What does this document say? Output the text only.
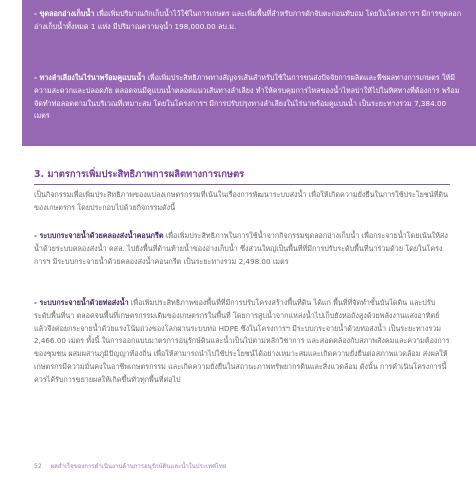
- ขุดลอกอ่างเก็บน้ำ เพื่อเพิ่มปริมาณกักเก็บน้ำไว้ใช้ในการเกษตร และเพิ่มพื้นที่สำหรับการดักจับตะกอนทับถม โดยในโครงการฯ มีการขุดลอกอ่างเก็บน้ำทั้งหมด 1 แห่ง มีปริมาณความจุน้ำ 198,000.00 ลบ.ม.
- ทางลำเลียงในไร่นาพร้อมคูแบนน้ำ เพื่อเพิ่มประสิทธิภาพทางสัญจรเส้นสำหรับใช้ในการขนส่งปัจจัยการผลิตและพืชผลทางการเกษตร ให้มีความสะดวกและปลอดภัย ตลอดจนมีคูแบนน้ำตลอดแนวเส้นทางลำเลียง ทำให้ครบคุมการไหลของน้ำไหลบ่าให้ไปในทิศทางที่ต้องการ พร้อมจัดทำท่อลอดตามในบริเวณที่เหมาะสม โดยในโครงการฯ มีการปรับปรุงทางลำเลียงในไร่นาพร้อมคูแบนน้ำ เป็นระยะทางรวม 7,384.00 เมตร
3. มาตรการเพิ่มประสิทธิภาพการผลิตทางการเกษตร
เป็นกิจกรรมเพื่อเพิ่มประสิทธิภาพของแปลงเกษตรกรรมที่เน้นในเรื่องการพัฒนาระบบส่งน้ำ เพื่อให้เกิดความยั่งยืนในการใช้ประโยชน์ที่ดินของเกษตรกร โดยประกอบไปด้วยกิจกรรมดังนี้
- ระบบกระจายน้ำด้วยคลองส่งน้ำคอนกรีต เพื่อเพิ่มประสิทธิภาพในการใช้น้ำจากกิจกรรมขุดลอกอ่างเก็บน้ำ เพื่อกระจายน้ำโดยเน้นให้ส่งน้ำด้วยระบบคลองส่งน้ำ คสล. ไปยังพื้นที่ด้านท้ายน้ำของอ่างเก็บน้ำ ซึ่งส่วนใหญ่เป็นพื้นที่ที่มีการปรับระดับพื้นที่นาร่วมด้วย โดยในโครงการฯ มีระบบกระจายน้ำด้วยคลองส่งน้ำคอนกรีต เป็นระยะทางรวม 2,498.00 เมตร
- ระบบกระจายน้ำด้วยท่อส่งน้ำ เพื่อเพิ่มประสิทธิภาพของพื้นที่ที่มีการปรับโครงสร้างพื้นที่ดิน ได้แก่ พื้นที่ที่จัดทำขั้นบันไดดิน และปรับระดับพื้นที่นา ตลอดจนพื้นที่เกษตรกรรมเดิมของเกษตรกรในพื้นที่ โดยการสูบน้ำจากแหล่งน้ำไปเก็บยังหอถังสูงด้วยพลังงานแสงอาทิตย์ แล้วจึงค่อยกระจายน้ำด้วยแรงโน้มถ่วงของโลกผ่านระบบท่อ HDPE ซึ่งในโครงการฯ มีระบบกระจายน้ำด้วยท่อส่งน้ำ เป็นระยะทางรวม 2,466.00 เมตร ทั้งนี้ ในการออกแบบมาตรการอนุรักษ์ดินและน้ำเป็นไปตามหลักวิชาการ และสอดคล้องกับสภาพสังคมและความต้องการของชุมชน ผสมผสานภูมิปัญญาท้องถิ่น เพื่อให้สามารถนำไปใช้ประโยชน์ได้อย่างเหมาะสมและเกิดความยั่งยืนต่อสภาพแวดล้อม ส่งผลให้เกษตรกรมีความมั่นคงในอาชีพเกษตรกรรม และเกิดความยั่งยืนในสถานะภาพทรัพยากรดินและสิ่งแวดล้อม ดังนั้น การดำเนินโครงการนี้ ควรได้รับการขยายผลให้เกิดขึ้นทั่วทุกพื้นที่ต่อไป
52 ผลสำเร็จของการดำเนินงานด้านการอนุรักษ์ดินและน้ำในประเทศไทย
